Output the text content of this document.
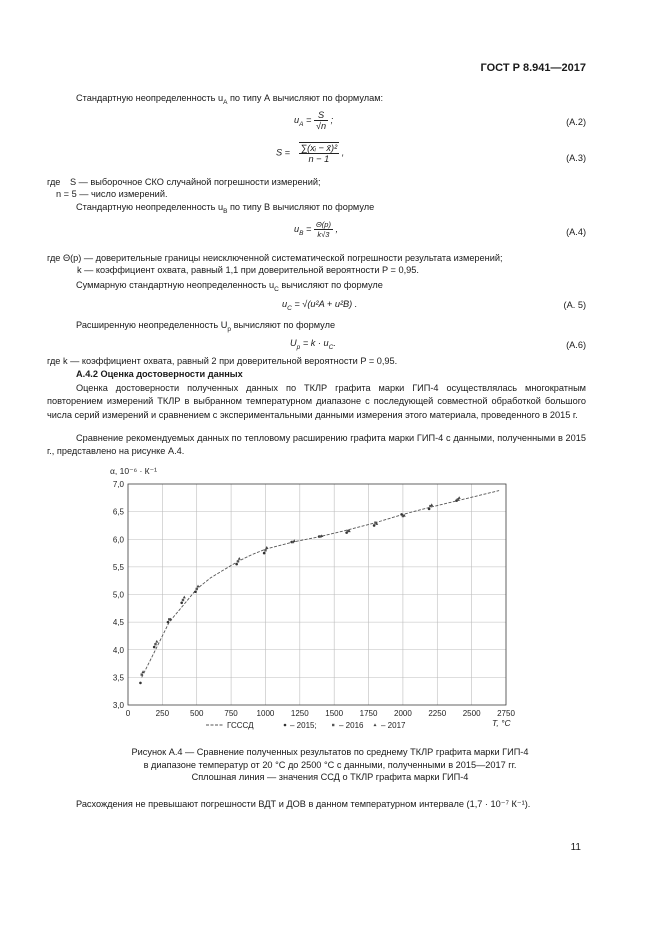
ГОСТ Р 8.941—2017
Стандартную неопределенность $u_A$ по типу А вычисляют по формулам:
$u_A = \frac{S}{√n}$ ;	(A.2)
$S = \frac{\text{∑(xᵢ − x̄)²}}{n - 1}$ ,
(A.3)
где S — выборочное СКО случайной погрешности измерений;
n = 5 — число измерений.
Стандартную неопределенность $u_B$ по типу В вычисляют по формуле
$u_B = \frac{\Theta(p)}{k√3}$ ,	(A.4)
где Θ(p) — доверительные границы неисключенной систематической погрешности результата измерений;
k — коэффициент охвата, равный 1,1 при доверительной вероятности P = 0,95.
Суммарную стандартную неопределенность $u_C$ вычисляют по формуле
$u_C = √(u^2A + u^2B)$ .	(A. 5)
Расширенную неопределенность $U_p$ вычисляют по формуле
$U_p = k \cdot u_C$.	(A.6)
где k — коэффициент охвата, равный 2 при доверительной вероятности P = 0,95.
А.4.2 Оценка достоверности данных
Оценка достоверности полученных данных по ТКЛР графита марки ГИП-4 осуществлялась многократным повторением измерений ТКЛР в выбранном температурном диапазоне с последующей совместной обработкой большого числа серий измерений и сравнением с экспериментальными данными измерения этого материала, проведенного в 2015 г.
Сравнение рекомендуемых данных по тепловому расширению графита марки ГИП-4 с данными, полученными в 2015 г., представлено на рисунке А.4.
α, 10⁻⁶ · К⁻¹
0	250	500	750 1000 1250 1500 1750 2000 2250 2500 2750
3,0
3,5
4,0
4,5
5,0
5,5
6,0
6,5
7,0
T, °C
ГСССД	– 2015;	– 2016 – 2017
Рисунок А.4 — Сравнение полученных результатов по среднему ТКЛР графита марки ГИП-4
в диапазоне температур от 20 °С до 2500 °С с данными, полученными в 2015—2017 гг.
Сплошная линия — значения ССД о ТКЛР графита марки ГИП-4
Расхождения не превышают погрешности ВДТ и ДОВ в данном температурном интервале (1,7 · 10⁻⁷ К⁻¹).
11
